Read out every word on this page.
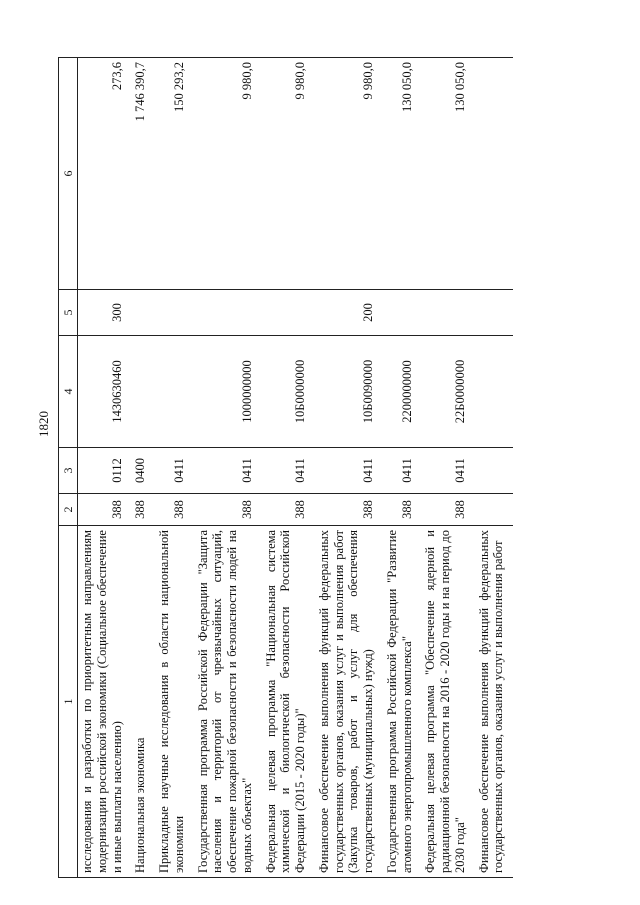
1820
1	2	3	4	5	6
исследования и разработки по приоритетным направлениям модернизации российской экономики (Социальное обеспечение и иные выплаты населению)	388	0112	1430630460	300	273,6
Национальная экономика	388	0400			1 746 390,7
Прикладные научные исследования в области национальной экономики	388	0411			150 293,2
Государственная программа Российской Федерации "Защита населения и территорий от чрезвычайных ситуаций, обеспечение пожарной безопасности и безопасности людей на водных объектах"	388	0411	1000000000		9 980,0
Федеральная целевая программа "Национальная система химической и биологической безопасности Российской Федерации (2015 - 2020 годы)"	388	0411	10Б0000000		9 980,0
Финансовое обеспечение выполнения функций федеральных государственных органов, оказания услуг и выполнения работ (Закупка товаров, работ и услуг для обеспечения государственных (муниципальных) нужд)	388	0411	10Б0090000	200	9 980,0
Государственная программа Российской Федерации "Развитие атомного энергопромышленного комплекса"	388	0411	2200000000		130 050,0
Федеральная целевая программа "Обеспечение ядерной и радиационной безопасности на 2016 - 2020 годы и на период до 2030 года"	388	0411	22Б0000000		130 050,0
Финансовое обеспечение выполнения функций федеральных государственных органов, оказания услуг и выполнения работ					
